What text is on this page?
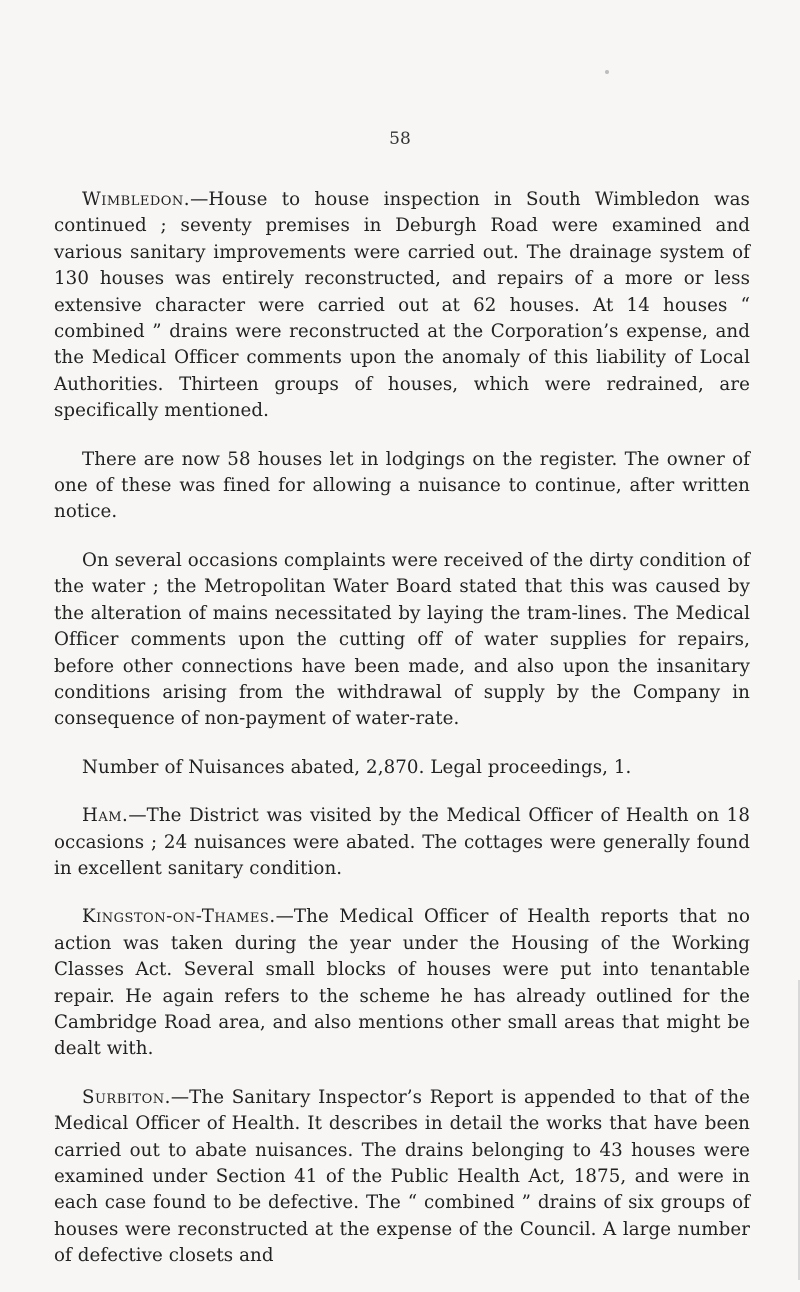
58

Wimbledon.—House to house inspection in South Wimbledon was continued ; seventy premises in Deburgh Road were examined and various sanitary improvements were carried out. The drainage system of 130 houses was entirely reconstructed, and repairs of a more or less extensive character were carried out at 62 houses. At 14 houses “ combined ” drains were reconstructed at the Corporation’s expense, and the Medical Officer comments upon the anomaly of this liability of Local Authorities. Thirteen groups of houses, which were redrained, are specifically mentioned.

There are now 58 houses let in lodgings on the register. The owner of one of these was fined for allowing a nuisance to continue, after written notice.

On several occasions complaints were received of the dirty condition of the water ; the Metropolitan Water Board stated that this was caused by the alteration of mains necessitated by laying the tram-lines. The Medical Officer comments upon the cutting off of water supplies for repairs, before other connections have been made, and also upon the insanitary conditions arising from the withdrawal of supply by the Company in consequence of non-payment of water-rate.

Number of Nuisances abated, 2,870. Legal proceedings, 1.

Ham.—The District was visited by the Medical Officer of Health on 18 occasions ; 24 nuisances were abated. The cottages were generally found in excellent sanitary condition.

Kingston-on-Thames.—The Medical Officer of Health reports that no action was taken during the year under the Housing of the Working Classes Act. Several small blocks of houses were put into tenantable repair. He again refers to the scheme he has already outlined for the Cambridge Road area, and also mentions other small areas that might be dealt with.

Surbiton.—The Sanitary Inspector’s Report is appended to that of the Medical Officer of Health. It describes in detail the works that have been carried out to abate nuisances. The drains belonging to 43 houses were examined under Section 41 of the Public Health Act, 1875, and were in each case found to be defective. The “ combined ” drains of six groups of houses were reconstructed at the expense of the Council. A large number of defective closets and
